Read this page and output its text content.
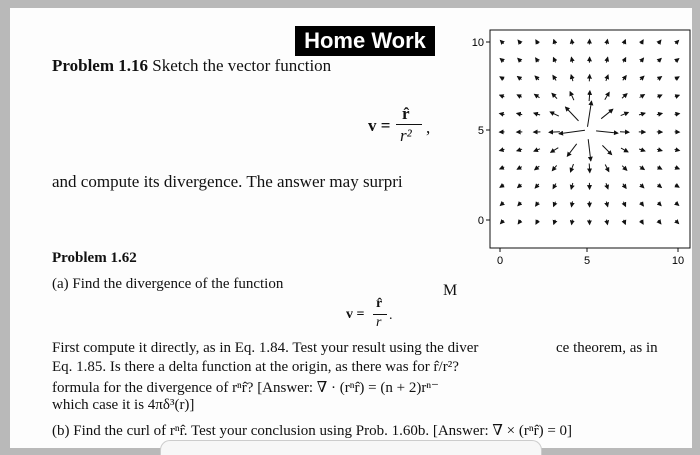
Home Work
Problem 1.16 Sketch the vector function
v =
r̂
r² ,
and compute its divergence. The answer may surpri
10
5
0
0	5	10
Problem 1.62
(a) Find the divergence of the function	M
v =
r̂
r .
First compute it directly, as in Eq. 1.84. Test your result using the diver	ce theorem, as in
Eq. 1.85. Is there a delta function at the origin, as there was for r̂/r²?
formula for the divergence of rⁿr̂? [Answer: ∇ · (rⁿr̂) = (n + 2)rⁿ⁻
which case it is 4πδ³(r)]
(b) Find the curl of rⁿr̂. Test your conclusion using Prob. 1.60b. [Answer: ∇ × (rⁿr̂) = 0]
